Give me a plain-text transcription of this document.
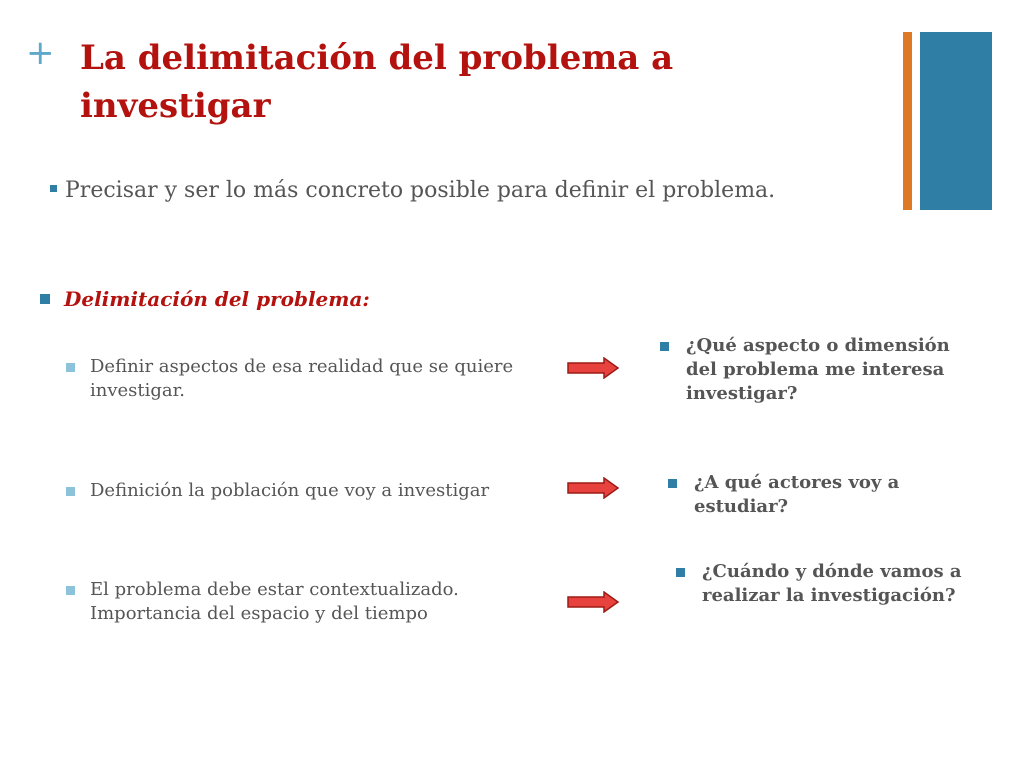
+ La delimitación del problema a investigar
Precisar y ser lo más concreto posible para definir el problema.
Delimitación del problema:
Definir aspectos de esa realidad que se quiere investigar.
Definición la población que voy a investigar
El problema debe estar contextualizado. Importancia del espacio y del tiempo
¿Qué aspecto o dimensión del problema me interesa investigar?
¿A qué actores voy a estudiar?
¿Cuándo y dónde vamos a realizar la investigación?
